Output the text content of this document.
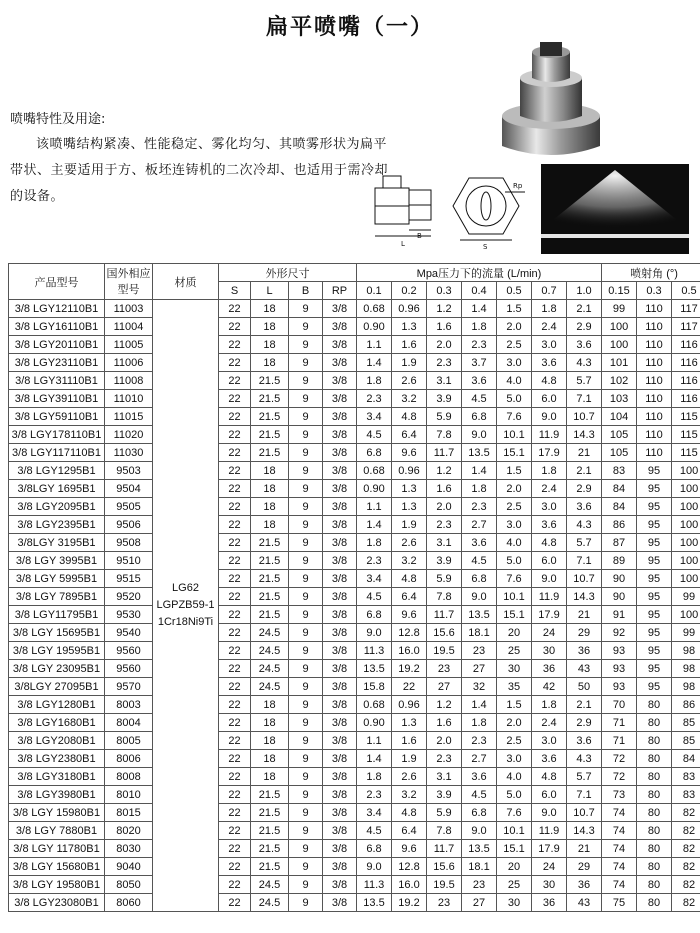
扁平喷嘴（一）
喷嘴特性及用途:
该喷嘴结构紧凑、性能稳定、雾化均匀、其喷雾形状为扁平带状、主要适用于方、板坯连铸机的二次冷却、也适用于需冷却的设备。
L
B
Rp
S
产品型号	国外相应型号	材质	外形尺寸				Mpa压力下的流量 (L/min)							喷射角 (°)		
			S	L	B	RP	0.1	0.2	0.3	0.4	0.5	0.7	1.0	0.15	0.3	0.5
3/8 LGY12110B1	11003	LG62
LGPZB59-1
1Cr18Ni9Ti	22	18	9	3/8	0.68	0.96	1.2	1.4	1.5	1.8	2.1	99	110	117
3/8 LGY16110B1	11004		22	18	9	3/8	0.90	1.3	1.6	1.8	2.0	2.4	2.9	100	110	117
3/8 LGY20110B1	11005		22	18	9	3/8	1.1	1.6	2.0	2.3	2.5	3.0	3.6	100	110	116
3/8 LGY23110B1	11006		22	18	9	3/8	1.4	1.9	2.3	3.7	3.0	3.6	4.3	101	110	116
3/8 LGY31110B1	11008		22	21.5	9	3/8	1.8	2.6	3.1	3.6	4.0	4.8	5.7	102	110	116
3/8 LGY39110B1	11010		22	21.5	9	3/8	2.3	3.2	3.9	4.5	5.0	6.0	7.1	103	110	116
3/8 LGY59110B1	11015		22	21.5	9	3/8	3.4	4.8	5.9	6.8	7.6	9.0	10.7	104	110	115
3/8 LGY178110B1	11020		22	21.5	9	3/8	4.5	6.4	7.8	9.0	10.1	11.9	14.3	105	110	115
3/8 LGY117110B1	11030		22	21.5	9	3/8	6.8	9.6	11.7	13.5	15.1	17.9	21	105	110	115
3/8 LGY1295B1	9503		22	18	9	3/8	0.68	0.96	1.2	1.4	1.5	1.8	2.1	83	95	100
3/8LGY 1695B1	9504		22	18	9	3/8	0.90	1.3	1.6	1.8	2.0	2.4	2.9	84	95	100
3/8 LGY2095B1	9505		22	18	9	3/8	1.1	1.3	2.0	2.3	2.5	3.0	3.6	84	95	100
3/8 LGY2395B1	9506		22	18	9	3/8	1.4	1.9	2.3	2.7	3.0	3.6	4.3	86	95	100
3/8LGY 3195B1	9508		22	21.5	9	3/8	1.8	2.6	3.1	3.6	4.0	4.8	5.7	87	95	100
3/8 LGY 3995B1	9510		22	21.5	9	3/8	2.3	3.2	3.9	4.5	5.0	6.0	7.1	89	95	100
3/8 LGY 5995B1	9515		22	21.5	9	3/8	3.4	4.8	5.9	6.8	7.6	9.0	10.7	90	95	100
3/8 LGY 7895B1	9520		22	21.5	9	3/8	4.5	6.4	7.8	9.0	10.1	11.9	14.3	90	95	99
3/8 LGY11795B1	9530		22	21.5	9	3/8	6.8	9.6	11.7	13.5	15.1	17.9	21	91	95	100
3/8 LGY 15695B1	9540		22	24.5	9	3/8	9.0	12.8	15.6	18.1	20	24	29	92	95	99
3/8 LGY 19595B1	9560		22	24.5	9	3/8	11.3	16.0	19.5	23	25	30	36	93	95	98
3/8 LGY 23095B1	9560		22	24.5	9	3/8	13.5	19.2	23	27	30	36	43	93	95	98
3/8LGY 27095B1	9570		22	24.5	9	3/8	15.8	22	27	32	35	42	50	93	95	98
3/8 LGY1280B1	8003		22	18	9	3/8	0.68	0.96	1.2	1.4	1.5	1.8	2.1	70	80	86
3/8 LGY1680B1	8004		22	18	9	3/8	0.90	1.3	1.6	1.8	2.0	2.4	2.9	71	80	85
3/8 LGY2080B1	8005		22	18	9	3/8	1.1	1.6	2.0	2.3	2.5	3.0	3.6	71	80	85
3/8 LGY2380B1	8006		22	18	9	3/8	1.4	1.9	2.3	2.7	3.0	3.6	4.3	72	80	84
3/8 LGY3180B1	8008		22	18	9	3/8	1.8	2.6	3.1	3.6	4.0	4.8	5.7	72	80	83
3/8 LGY3980B1	8010		22	21.5	9	3/8	2.3	3.2	3.9	4.5	5.0	6.0	7.1	73	80	83
3/8 LGY 15980B1	8015		22	21.5	9	3/8	3.4	4.8	5.9	6.8	7.6	9.0	10.7	74	80	82
3/8 LGY 7880B1	8020		22	21.5	9	3/8	4.5	6.4	7.8	9.0	10.1	11.9	14.3	74	80	82
3/8 LGY 11780B1	8030		22	21.5	9	3/8	6.8	9.6	11.7	13.5	15.1	17.9	21	74	80	82
3/8 LGY 15680B1	9040		22	21.5	9	3/8	9.0	12.8	15.6	18.1	20	24	29	74	80	82
3/8 LGY 19580B1	8050		22	24.5	9	3/8	11.3	16.0	19.5	23	25	30	36	74	80	82
3/8 LGY23080B1	8060		22	24.5	9	3/8	13.5	19.2	23	27	30	36	43	75	80	82
